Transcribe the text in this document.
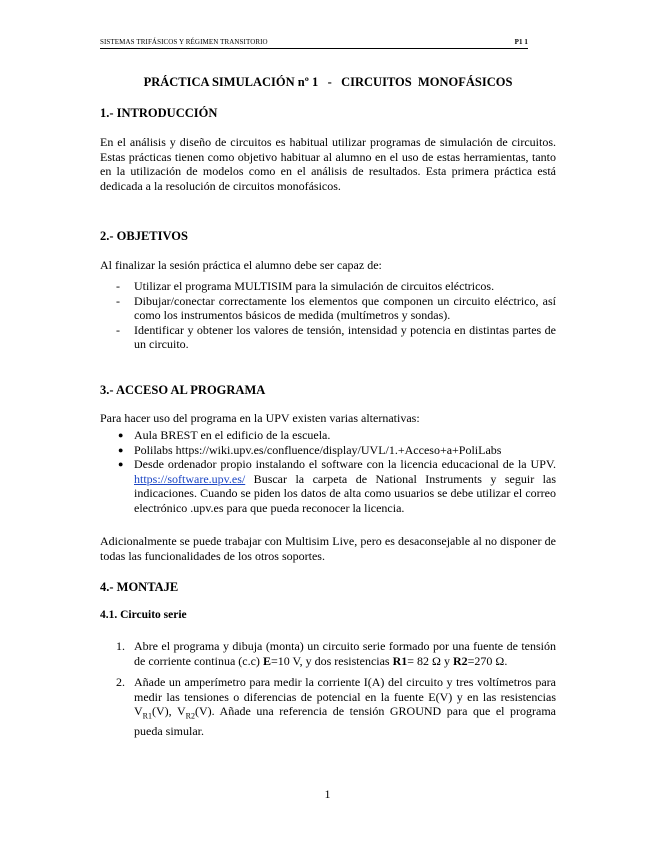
SISTEMAS TRIFÁSICOS Y RÉGIMEN TRANSITORIO	P1 1
PRÁCTICA SIMULACIÓN nº 1   -   CIRCUITOS  MONOFÁSICOS
1.- INTRODUCCIÓN
En el análisis y diseño de circuitos es habitual utilizar programas de simulación de circuitos. Estas prácticas tienen como objetivo habituar al alumno en el uso de estas herramientas, tanto en la utilización de modelos como en el análisis de resultados. Esta primera práctica está dedicada a la resolución de circuitos monofásicos.
2.- OBJETIVOS
Al finalizar la sesión práctica el alumno debe ser capaz de:
- Utilizar el programa MULTISIM para la simulación de circuitos eléctricos.
- Dibujar/conectar correctamente los elementos que componen un circuito eléctrico, así como los instrumentos básicos de medida (multímetros y sondas).
- Identificar y obtener los valores de tensión, intensidad y potencia en distintas partes de un circuito.
3.- ACCESO AL PROGRAMA
Para hacer uso del programa en la UPV existen varias alternativas:
● Aula BREST en el edificio de la escuela.
● Polilabs https://wiki.upv.es/confluence/display/UVL/1.+Acceso+a+PoliLabs
● Desde ordenador propio instalando el software con la licencia educacional de la UPV. https://software.upv.es/ Buscar la carpeta de National Instruments y seguir las indicaciones. Cuando se piden los datos de alta como usuarios se debe utilizar el correo electrónico .upv.es para que pueda reconocer la licencia.
Adicionalmente se puede trabajar con Multisim Live, pero es desaconsejable al no disponer de todas las funcionalidades de los otros soportes.
4.- MONTAJE
4.1. Circuito serie
1. Abre el programa y dibuja (monta) un circuito serie formado por una fuente de tensión de corriente continua (c.c) E=10 V, y dos resistencias R1= 82 Ω y R2=270 Ω.
2. Añade un amperímetro para medir la corriente I(A) del circuito y tres voltímetros para medir las tensiones o diferencias de potencial en la fuente E(V) y en las resistencias $V_{R1}(V)$, $V_{R2}(V)$. Añade una referencia de tensión GROUND para que el programa pueda simular.
1
